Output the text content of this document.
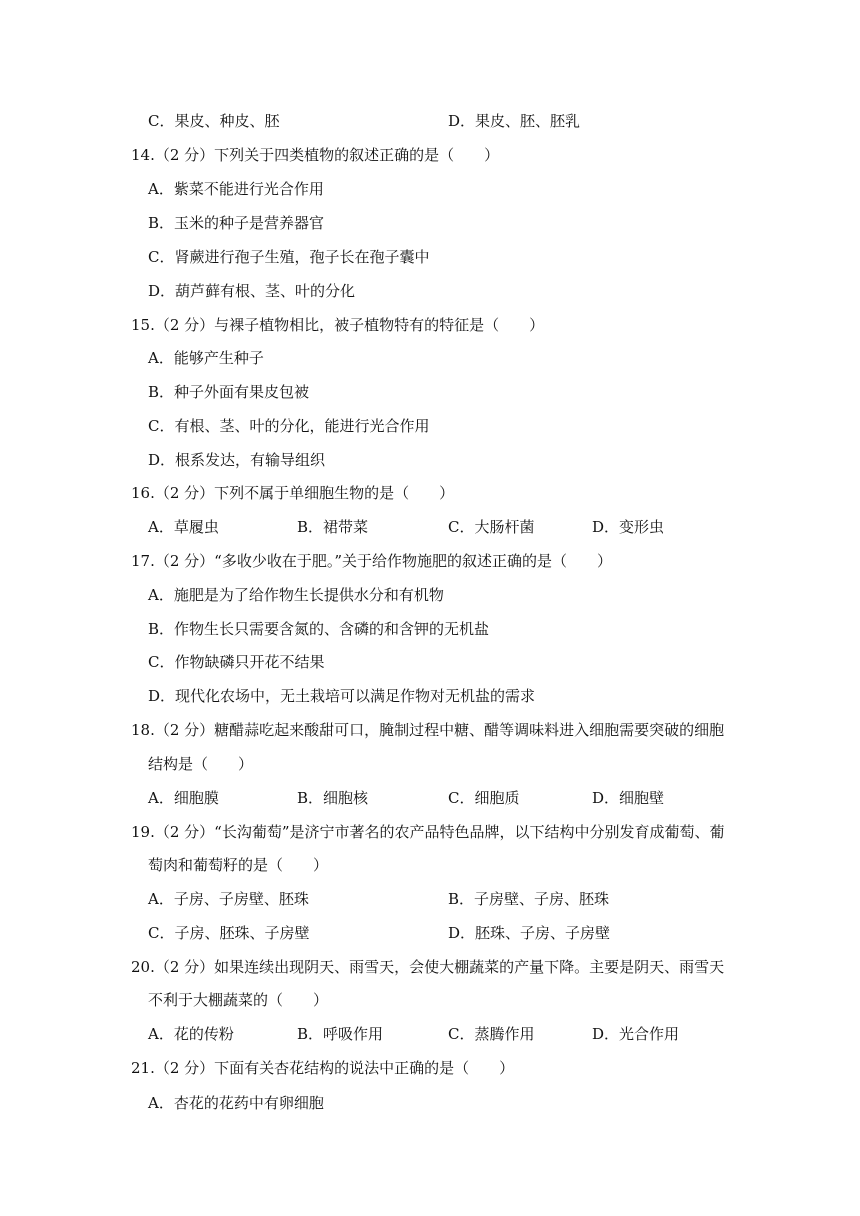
C．果皮、种皮、胚	D．果皮、胚、胚乳
14.（2 分）下列关于四类植物的叙述正确的是（　　）
A．紫菜不能进行光合作用
B．玉米的种子是营养器官
C．肾蕨进行孢子生殖，孢子长在孢子囊中
D．葫芦藓有根、茎、叶的分化
15.（2 分）与裸子植物相比，被子植物特有的特征是（　　）
A．能够产生种子
B．种子外面有果皮包被
C．有根、茎、叶的分化，能进行光合作用
D．根系发达，有输导组织
16.（2 分）下列不属于单细胞生物的是（　　）
A．草履虫	B．裙带菜	C．大肠杆菌	D．变形虫
17.（2 分）“多收少收在于肥。”关于给作物施肥的叙述正确的是（　　）
A．施肥是为了给作物生长提供水分和有机物
B．作物生长只需要含氮的、含磷的和含钾的无机盐
C．作物缺磷只开花不结果
D．现代化农场中，无土栽培可以满足作物对无机盐的需求
18.（2 分）糖醋蒜吃起来酸甜可口，腌制过程中糖、醋等调味料进入细胞需要突破的细胞
结构是（　　）
A．细胞膜	B．细胞核	C．细胞质	D．细胞壁
19.（2 分）“长沟葡萄”是济宁市著名的农产品特色品牌，以下结构中分别发育成葡萄、葡
萄肉和葡萄籽的是（　　）
A．子房、子房壁、胚珠	B．子房壁、子房、胚珠
C．子房、胚珠、子房壁	D．胚珠、子房、子房壁
20.（2 分）如果连续出现阴天、雨雪天，会使大棚蔬菜的产量下降。主要是阴天、雨雪天
不利于大棚蔬菜的（　　）
A．花的传粉	B．呼吸作用	C．蒸腾作用	D．光合作用
21.（2 分）下面有关杏花结构的说法中正确的是（　　）
A．杏花的花药中有卵细胞
